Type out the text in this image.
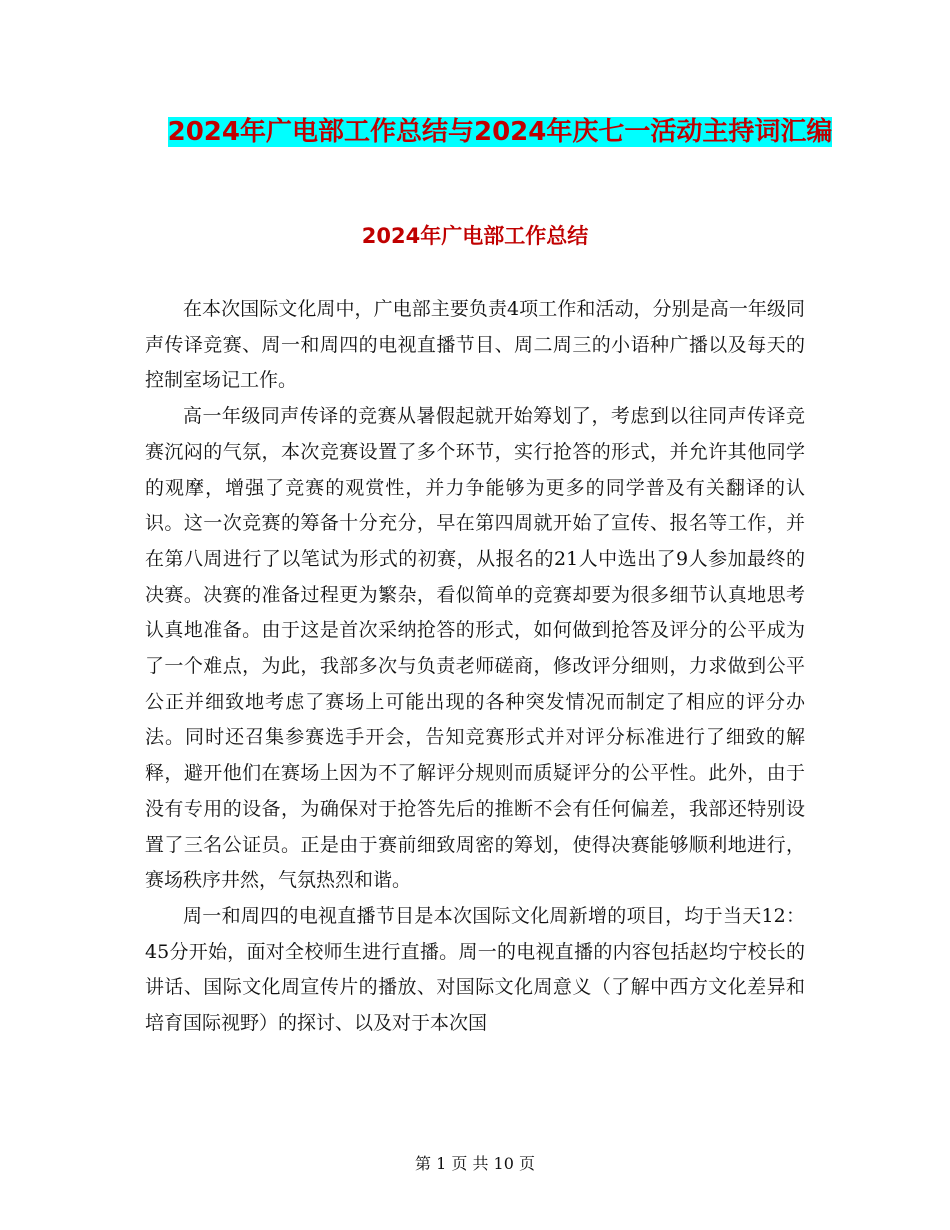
2024年广电部工作总结与2024年庆七一活动主持词汇编
2024年广电部工作总结

在本次国际文化周中，广电部主要负责4项工作和活动，分别是高一年级同声传译竞赛、周一和周四的电视直播节目、周二周三的小语种广播以及每天的控制室场记工作。

高一年级同声传译的竞赛从暑假起就开始筹划了，考虑到以往同声传译竞赛沉闷的气氛，本次竞赛设置了多个环节，实行抢答的形式，并允许其他同学的观摩，增强了竞赛的观赏性，并力争能够为更多的同学普及有关翻译的认识。这一次竞赛的筹备十分充分，早在第四周就开始了宣传、报名等工作，并在第八周进行了以笔试为形式的初赛，从报名的21人中选出了9人参加最终的决赛。决赛的准备过程更为繁杂，看似简单的竞赛却要为很多细节认真地思考认真地准备。由于这是首次采纳抢答的形式，如何做到抢答及评分的公平成为了一个难点，为此，我部多次与负责老师磋商，修改评分细则，力求做到公平公正并细致地考虑了赛场上可能出现的各种突发情况而制定了相应的评分办法。同时还召集参赛选手开会，告知竞赛形式并对评分标准进行了细致的解释，避开他们在赛场上因为不了解评分规则而质疑评分的公平性。此外，由于没有专用的设备，为确保对于抢答先后的推断不会有任何偏差，我部还特别设置了三名公证员。正是由于赛前细致周密的筹划，使得决赛能够顺利地进行，赛场秩序井然，气氛热烈和谐。

周一和周四的电视直播节目是本次国际文化周新增的项目，均于当天12：45分开始，面对全校师生进行直播。周一的电视直播的内容包括赵均宁校长的讲话、国际文化周宣传片的播放、对国际文化周意义（了解中西方文化差异和培育国际视野）的探讨、以及对于本次国

第 1 页 共 10 页
